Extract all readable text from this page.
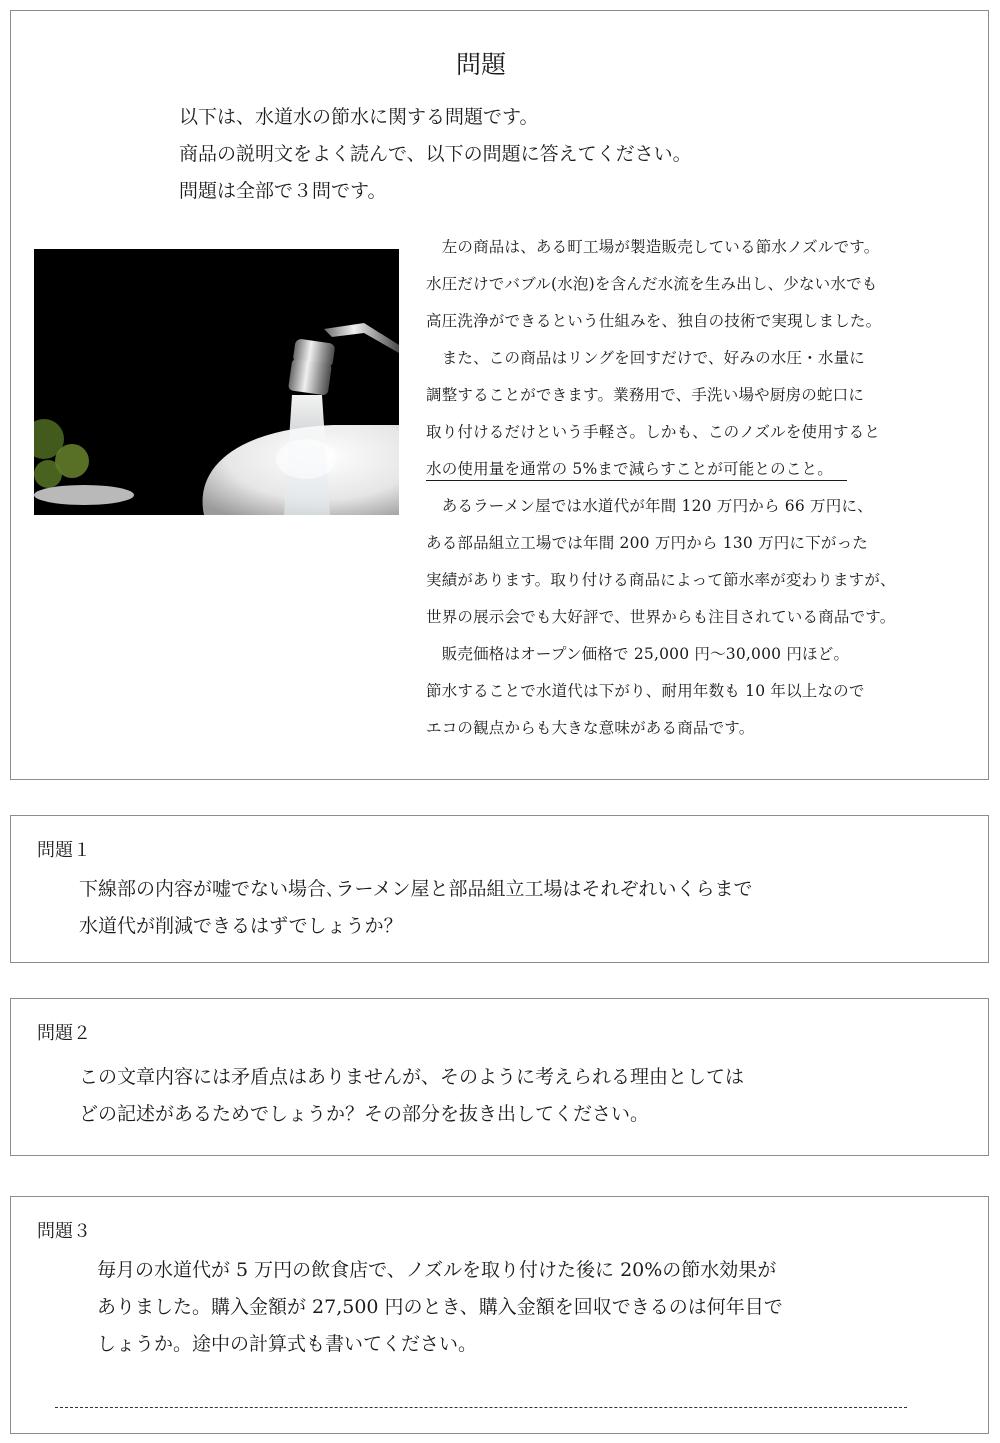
問題
以下は、水道水の節水に関する問題です。
商品の説明文をよく読んで、以下の問題に答えてください。
問題は全部で３問です。
　左の商品は、ある町工場が製造販売している節水ノズルです。
水圧だけでバブル(水泡)を含んだ水流を生み出し、少ない水でも
高圧洗浄ができるという仕組みを、独自の技術で実現しました。
　また、この商品はリングを回すだけで、好みの水圧・水量に
調整することができます。業務用で、手洗い場や厨房の蛇口に
取り付けるだけという手軽さ。しかも、このノズルを使用すると
水の使用量を通常の 5%まで減らすことが可能とのこと。
　あるラーメン屋では水道代が年間 120 万円から 66 万円に、
ある部品組立工場では年間 200 万円から 130 万円に下がった
実績があります。取り付ける商品によって節水率が変わりますが、
世界の展示会でも大好評で、世界からも注目されている商品です。
　販売価格はオープン価格で 25,000 円～30,000 円ほど。
節水することで水道代は下がり、耐用年数も 10 年以上なので
エコの観点からも大きな意味がある商品です。
問題１
下線部の内容が嘘でない場合､ラーメン屋と部品組立工場はそれぞれいくらまで
水道代が削減できるはずでしょうか？
問題２
この文章内容には矛盾点はありませんが、そのように考えられる理由としては
どの記述があるためでしょうか？その部分を抜き出してください。
問題３
毎月の水道代が 5 万円の飲食店で、ノズルを取り付けた後に 20%の節水効果が
ありました。購入金額が 27,500 円のとき、購入金額を回収できるのは何年目で
しょうか。途中の計算式も書いてください。
